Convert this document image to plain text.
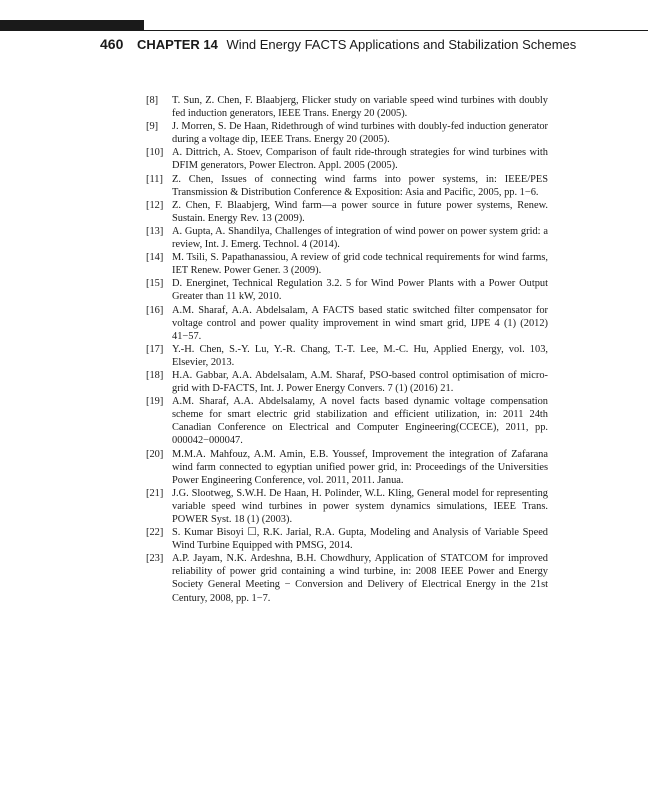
460 CHAPTER 14 Wind Energy FACTS Applications and Stabilization Schemes
[8]	T. Sun, Z. Chen, F. Blaabjerg, Flicker study on variable speed wind turbines with doubly fed induction generators, IEEE Trans. Energy 20 (2005).
[9]	J. Morren, S. De Haan, Ridethrough of wind turbines with doubly-fed induction generator during a voltage dip, IEEE Trans. Energy 20 (2005).
[10] A. Dittrich, A. Stoev, Comparison of fault ride-through strategies for wind turbines with DFIM generators, Power Electron. Appl. 2005 (2005).
[11] Z. Chen, Issues of connecting wind farms into power systems, in: IEEE/PES Transmission & Distribution Conference & Exposition: Asia and Pacific, 2005, pp. 1−6.
[12] Z. Chen, F. Blaabjerg, Wind farm—a power source in future power systems, Renew. Sustain. Energy Rev. 13 (2009).
[13] A. Gupta, A. Shandilya, Challenges of integration of wind power on power system grid: a review, Int. J. Emerg. Technol. 4 (2014).
[14] M. Tsili, S. Papathanassiou, A review of grid code technical requirements for wind farms, IET Renew. Power Gener. 3 (2009).
[15] D. Energinet, Technical Regulation 3.2. 5 for Wind Power Plants with a Power Output Greater than 11 kW, 2010.
[16] A.M. Sharaf, A.A. Abdelsalam, A FACTS based static switched filter compensator for voltage control and power quality improvement in wind smart grid, IJPE 4 (1) (2012) 41−57.
[17] Y.-H. Chen, S.-Y. Lu, Y.-R. Chang, T.-T. Lee, M.-C. Hu, Applied Energy, vol. 103, Elsevier, 2013.
[18] H.A. Gabbar, A.A. Abdelsalam, A.M. Sharaf, PSO-based control optimisation of micro-grid with D-FACTS, Int. J. Power Energy Convers. 7 (1) (2016) 21.
[19] A.M. Sharaf, A.A. Abdelsalamy, A novel facts based dynamic voltage compensation scheme for smart electric grid stabilization and efficient utilization, in: 2011 24th Canadian Conference on Electrical and Computer Engineering(CCECE), 2011, pp. 000042−000047.
[20] M.M.A. Mahfouz, A.M. Amin, E.B. Youssef, Improvement the integration of Zafarana wind farm connected to egyptian unified power grid, in: Proceedings of the Universities Power Engineering Conference, vol. 2011, 2011. Janua.
[21] J.G. Slootweg, S.W.H. De Haan, H. Polinder, W.L. Kling, General model for representing variable speed wind turbines in power system dynamics simulations, IEEE Trans. POWER Syst. 18 (1) (2003).
[22] S. Kumar Bisoyi ☐, R.K. Jarial, R.A. Gupta, Modeling and Analysis of Variable Speed Wind Turbine Equipped with PMSG, 2014.
[23] A.P. Jayam, N.K. Ardeshna, B.H. Chowdhury, Application of STATCOM for improved reliability of power grid containing a wind turbine, in: 2008 IEEE Power and Energy Society General Meeting − Conversion and Delivery of Electrical Energy in the 21st Century, 2008, pp. 1−7.
